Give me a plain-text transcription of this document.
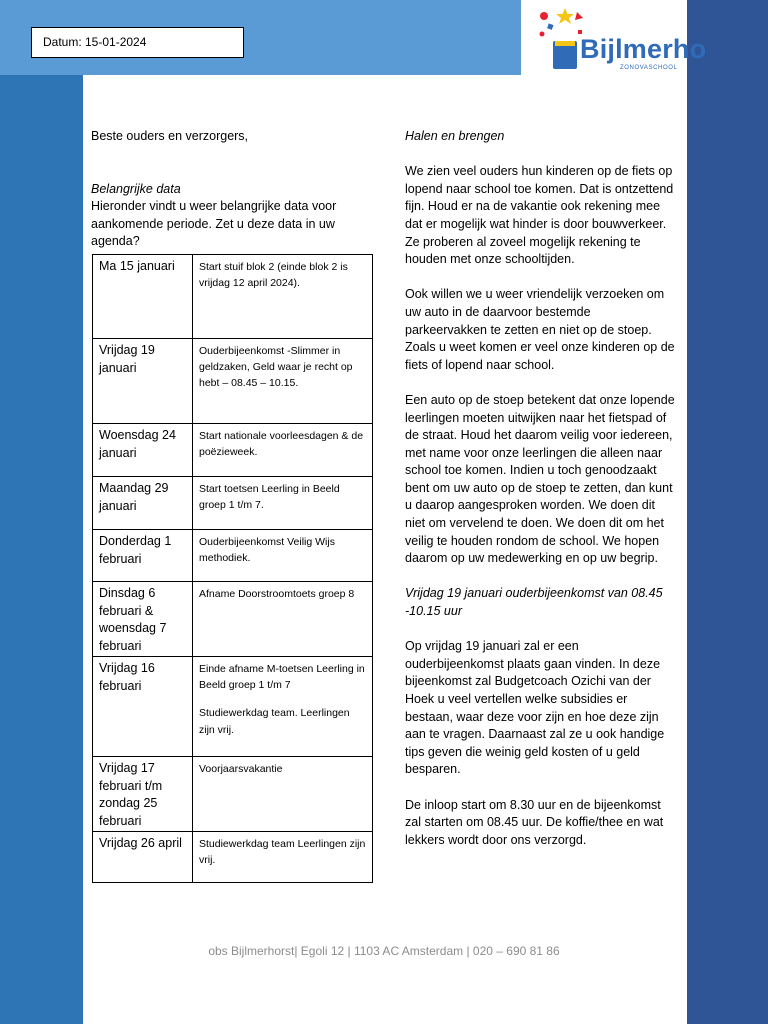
Datum: 15-01-2024	Bijlmerho
ZONOVASCHOOL

Beste ouders en verzorgers,

Belangrijke data

Hieronder vindt u weer belangrijke data voor aankomende periode. Zet u deze data in uw agenda?

Ma 15 januari	Start stuif blok 2 (einde blok 2 is vrijdag 12 april 2024).
Vrijdag 19 januari	Ouderbijeenkomst -Slimmer in geldzaken, Geld waar je recht op hebt – 08.45 – 10.15.
Woensdag 24 januari	Start nationale voorleesdagen & de poëzieweek.
Maandag 29 januari	Start toetsen Leerling in Beeld groep 1 t/m 7.
Donderdag 1 februari	Ouderbijeenkomst Veilig Wijs methodiek.
Dinsdag 6 februari & woensdag 7 februari	Afname Doorstroomtoets groep 8
Vrijdag 16 februari	Einde afname M-toetsen Leerling in Beeld groep 1 t/m 7
Studiewerkdag team. Leerlingen zijn vrij.

Vrijdag 17 februari t/m zondag 25 februari	Voorjaarsvakantie
Vrijdag 26 april	Studiewerkdag team Leerlingen zijn vrij.

Halen en brengen

We zien veel ouders hun kinderen op de fiets op lopend naar school toe komen. Dat is ontzettend fijn. Houd er na de vakantie ook rekening mee dat er mogelijk wat hinder is door bouwverkeer. Ze proberen al zoveel mogelijk rekening te houden met onze schooltijden.

Ook willen we u weer vriendelijk verzoeken om uw auto in de daarvoor bestemde parkeervakken te zetten en niet op de stoep. Zoals u weet komen er veel onze kinderen op de fiets of lopend naar school.

Een auto op de stoep betekent dat onze lopende leerlingen moeten uitwijken naar het fietspad of de straat. Houd het daarom veilig voor iedereen, met name voor onze leerlingen die alleen naar school toe komen. Indien u toch genoodzaakt bent om uw auto op de stoep te zetten, dan kunt u daarop aangesproken worden. We doen dit niet om vervelend te doen. We doen dit om het veilig te houden rondom de school. We hopen daarom op uw medewerking en op uw begrip.

Vrijdag 19 januari ouderbijeenkomst van 08.45 -10.15 uur

Op vrijdag 19 januari zal er een ouderbijeenkomst plaats gaan vinden. In deze bijeenkomst zal Budgetcoach Ozichi van der Hoek u veel vertellen welke subsidies er bestaan, waar deze voor zijn en hoe deze zijn aan te vragen. Daarnaast zal ze u ook handige tips geven die weinig geld kosten of u geld besparen.

De inloop start om 8.30 uur en de bijeenkomst zal starten om 08.45 uur. De koffie/thee en wat lekkers wordt door ons verzorgd.

obs Bijlmerhorst| Egoli 12 | 1103 AC Amsterdam | 020 – 690 81 86
